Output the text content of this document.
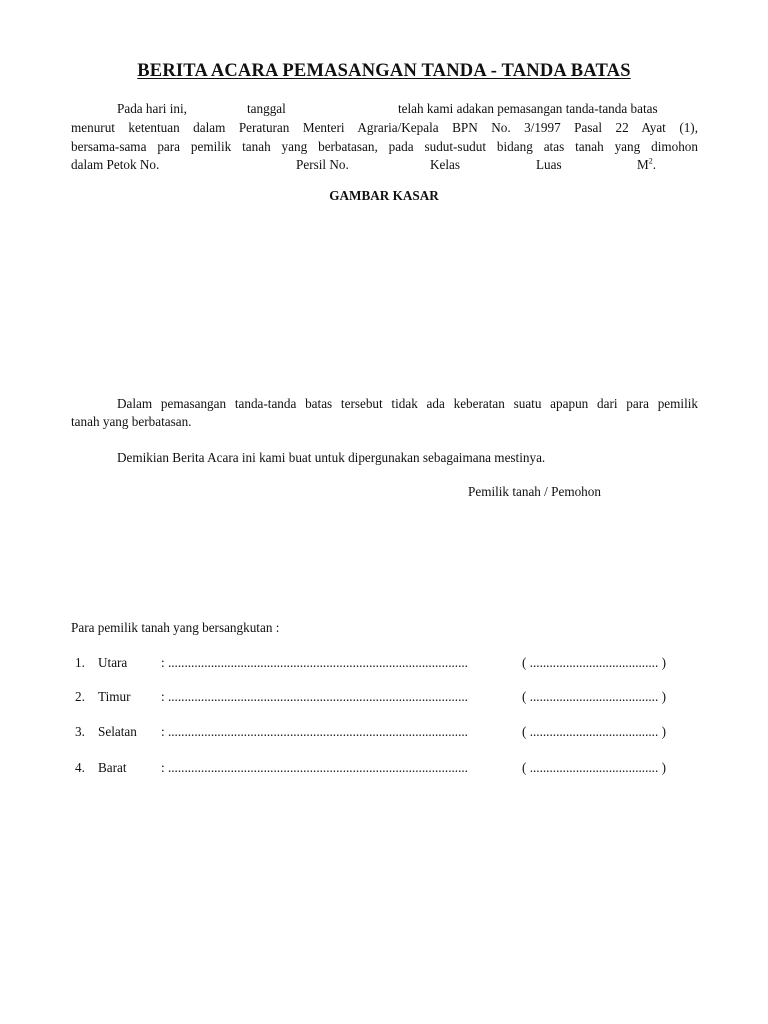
BERITA ACARA PEMASANGAN TANDA - TANDA BATAS
Pada hari ini,	tanggal	telah kami adakan pemasangan tanda-tanda batas
menurut ketentuan dalam Peraturan Menteri Agraria/Kepala BPN No. 3/1997 Pasal 22 Ayat (1),
bersama-sama para pemilik tanah yang berbatasan, pada sudut-sudut bidang atas tanah yang dimohon
dalam Petok No.	Persil No.	Kelas	Luas	$M^2$.
GAMBAR KASAR
Dalam pemasangan tanda-tanda batas tersebut tidak ada keberatan suatu apapun dari para pemilik
tanah yang berbatasan.
Demikian Berita Acara ini kami buat untuk dipergunakan sebagaimana mestinya.
Pemilik tanah / Pemohon
Para pemilik tanah yang bersangkutan :
1. Utara	: ...........................................................................................	( ....................................... )
2. Timur : ...........................................................................................	( ....................................... )
3. Selatan : ...........................................................................................	( ....................................... )
4. Barat	: ...........................................................................................	( ....................................... )
